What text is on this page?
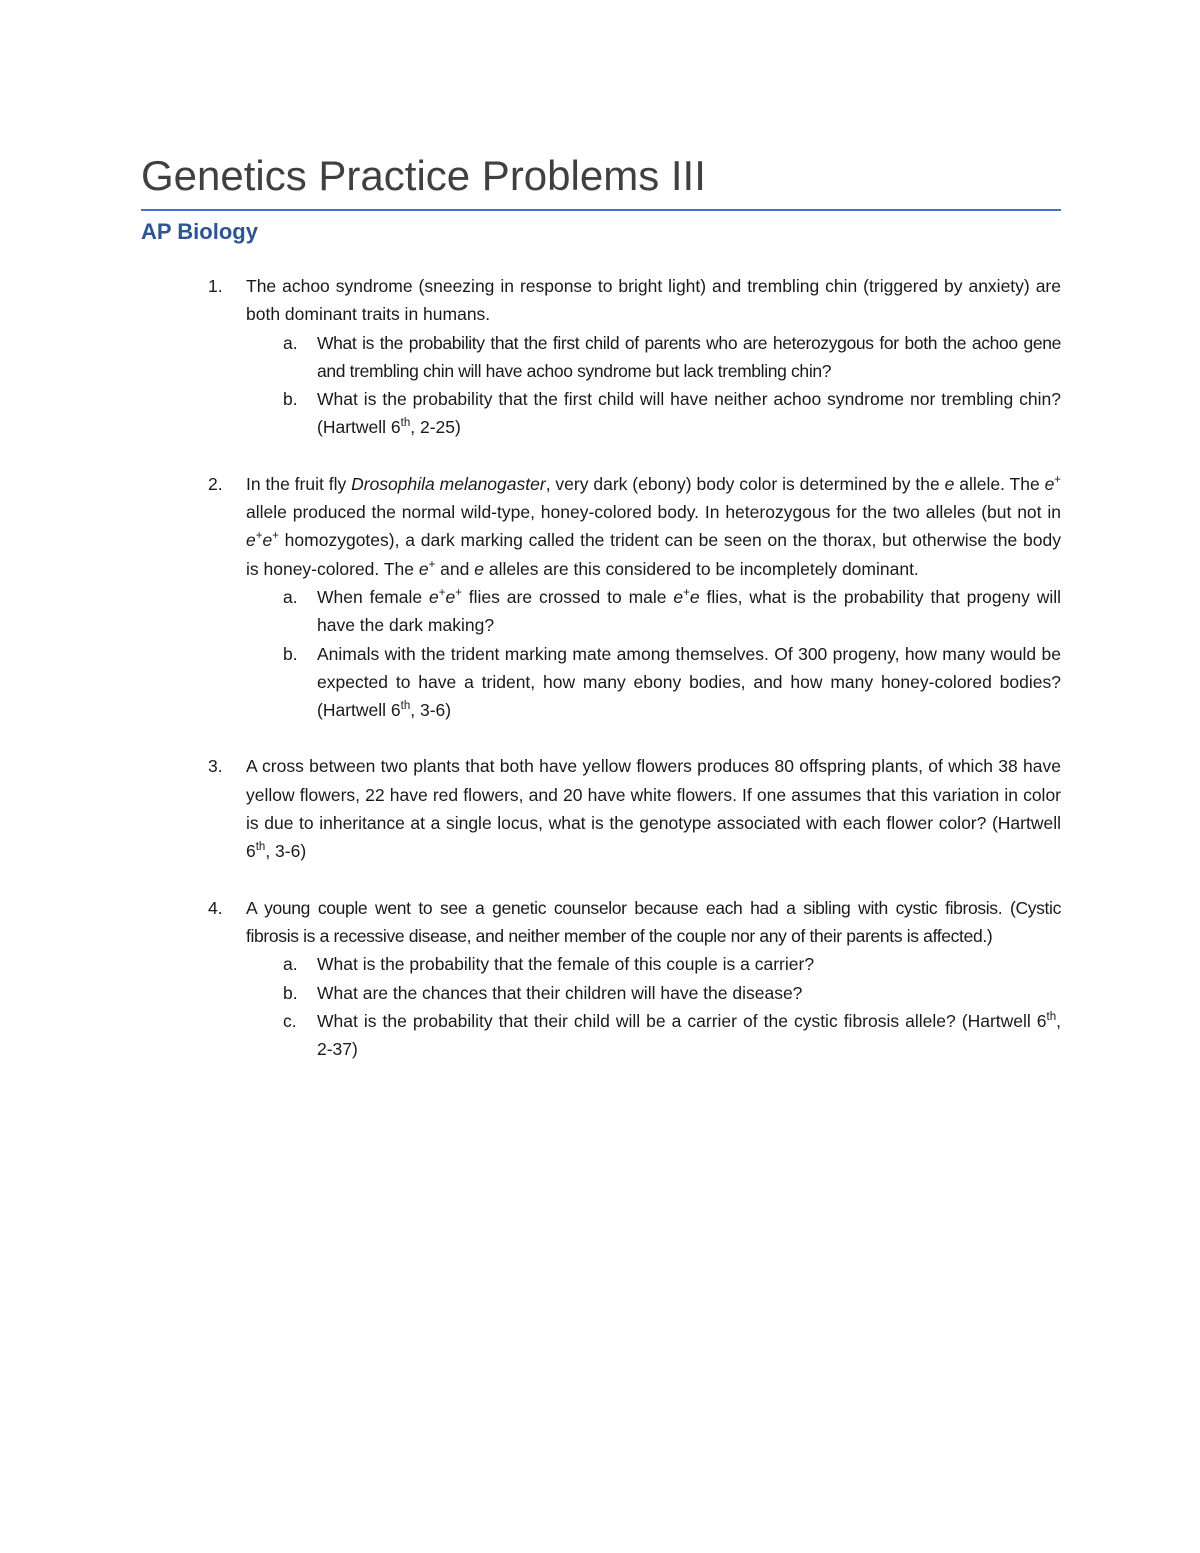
Genetics Practice Problems III
AP Biology
1. The achoo syndrome (sneezing in response to bright light) and trembling chin (triggered by anxiety) are both dominant traits in humans.
a. What is the probability that the first child of parents who are heterozygous for both the achoo gene and trembling chin will have achoo syndrome but lack trembling chin?
b. What is the probability that the first child will have neither achoo syndrome nor trembling chin? (Hartwell 6th, 2-25)
2. In the fruit fly Drosophila melanogaster, very dark (ebony) body color is determined by the e allele. The e+ allele produced the normal wild-type, honey-colored body. In heterozygous for the two alleles (but not in e+e+ homozygotes), a dark marking called the trident can be seen on the thorax, but otherwise the body is honey-colored. The e+ and e alleles are this considered to be incompletely dominant.
a. When female e+e+ flies are crossed to male e+e flies, what is the probability that progeny will have the dark making?
b. Animals with the trident marking mate among themselves. Of 300 progeny, how many would be expected to have a trident, how many ebony bodies, and how many honey-colored bodies? (Hartwell 6th, 3-6)
3. A cross between two plants that both have yellow flowers produces 80 offspring plants, of which 38 have yellow flowers, 22 have red flowers, and 20 have white flowers. If one assumes that this variation in color is due to inheritance at a single locus, what is the genotype associated with each flower color? (Hartwell 6th, 3-6)
4. A young couple went to see a genetic counselor because each had a sibling with cystic fibrosis. (Cystic fibrosis is a recessive disease, and neither member of the couple nor any of their parents is affected.)
a. What is the probability that the female of this couple is a carrier?
b. What are the chances that their children will have the disease?
c. What is the probability that their child will be a carrier of the cystic fibrosis allele? (Hartwell 6th, 2-37)
